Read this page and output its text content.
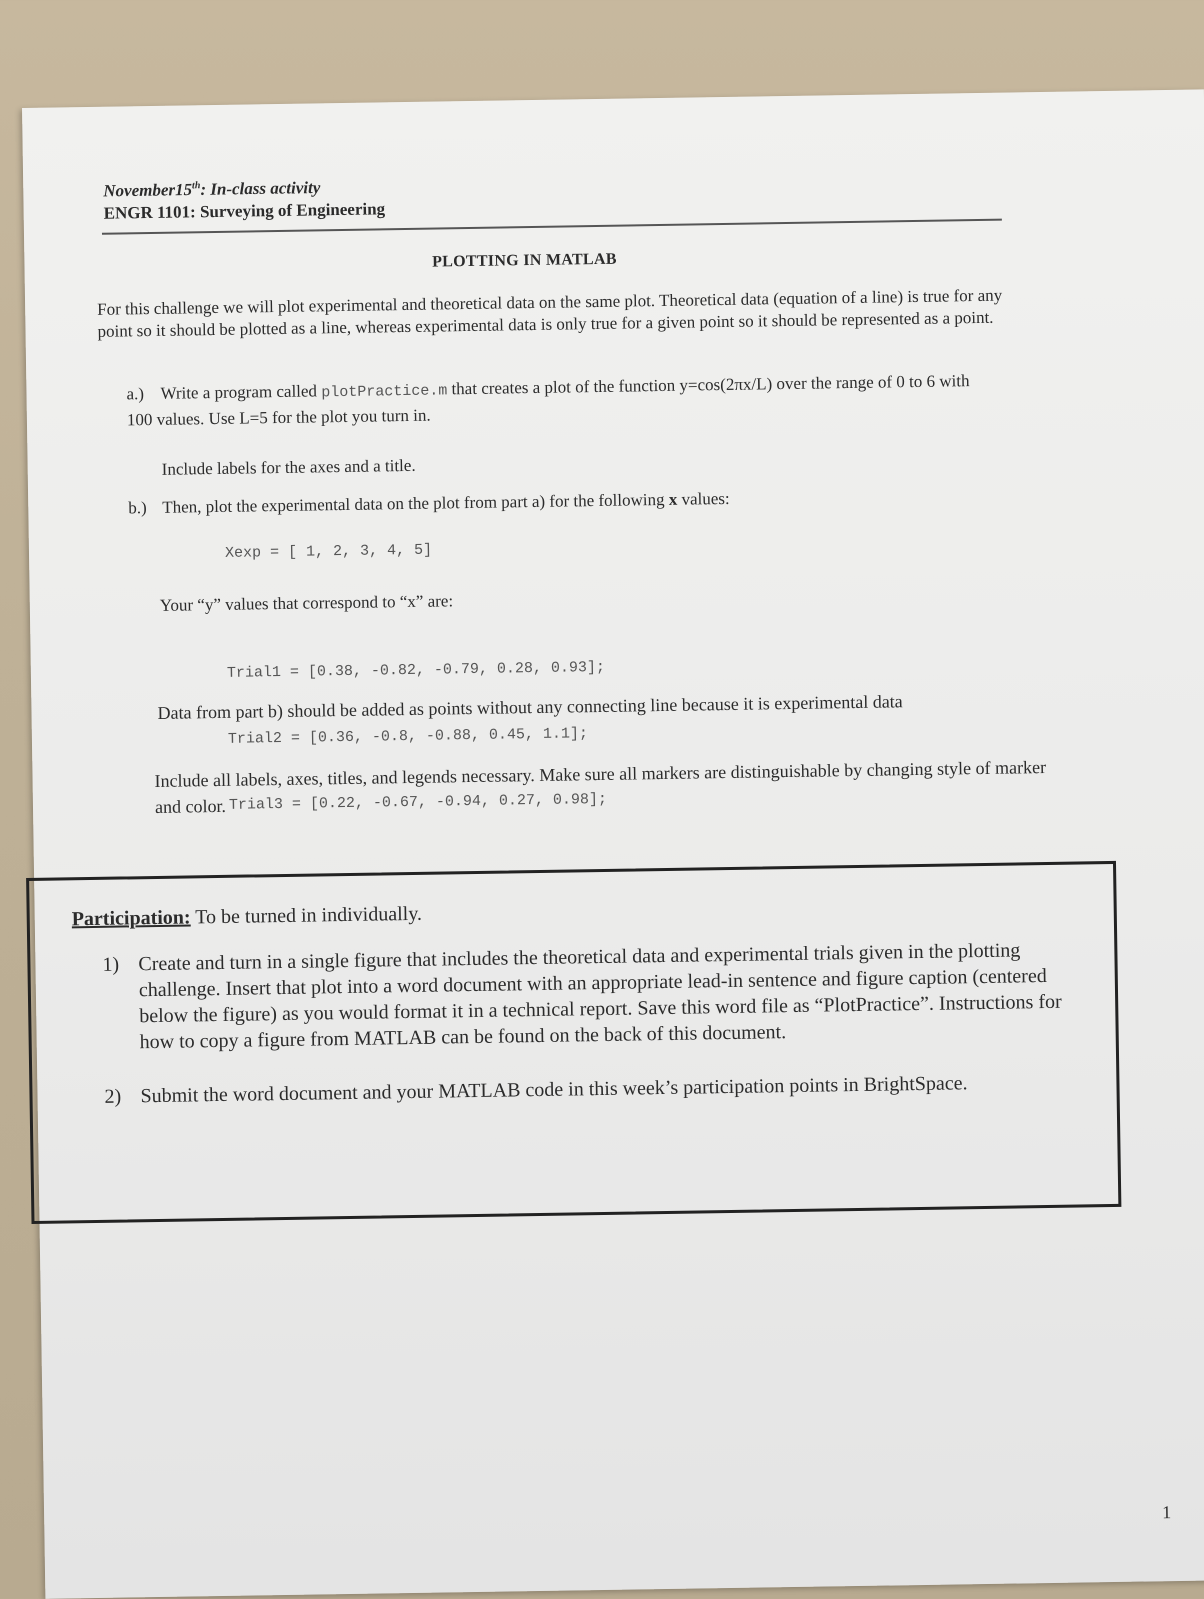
November15th: In-class activity
ENGR 1101: Surveying of Engineering
PLOTTING IN MATLAB
For this challenge we will plot experimental and theoretical data on the same plot. Theoretical data (equation of a line) is true for any point so it should be plotted as a line, whereas experimental data is only true for a given point so it should be represented as a point.
a.) Write a program called plotPractice.m that creates a plot of the function y=cos(2πx/L) over the range of 0 to 6 with 100 values. Use L=5 for the plot you turn in.
Include labels for the axes and a title.
b.) Then, plot the experimental data on the plot from part a) for the following x values:
Xexp = [ 1, 2, 3, 4, 5]
Your “y” values that correspond to “x” are:

Trial1 = [0.38, -0.82, -0.79, 0.28, 0.93];

Trial2 = [0.36, -0.8, -0.88, 0.45, 1.1];

Trial3 = [0.22, -0.67, -0.94, 0.27, 0.98];

Data from part b) should be added as points without any connecting line because it is experimental data
Include all labels, axes, titles, and legends necessary. Make sure all markers are distinguishable by changing style of marker and color.
Participation: To be turned in individually.
1) Create and turn in a single figure that includes the theoretical data and experimental trials given in the plotting challenge. Insert that plot into a word document with an appropriate lead-in sentence and figure caption (centered below the figure) as you would format it in a technical report. Save this word file as “PlotPractice”. Instructions for how to copy a figure from MATLAB can be found on the back of this document.
2) Submit the word document and your MATLAB code in this week’s participation points in BrightSpace.
1
